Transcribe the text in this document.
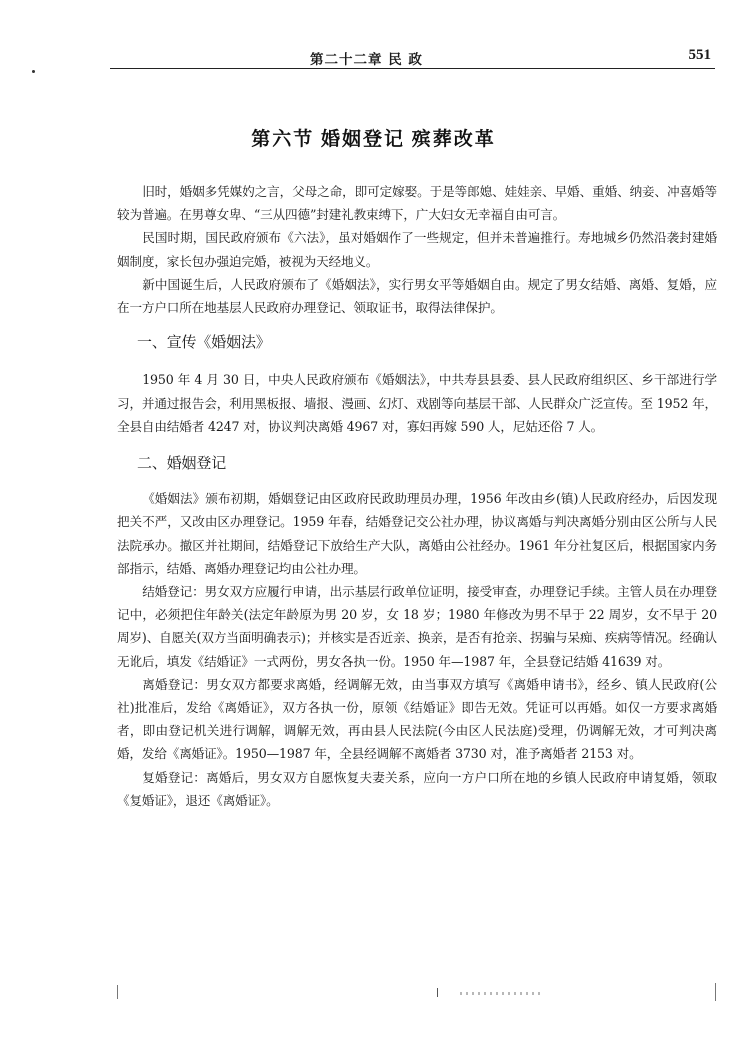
第二十二章 民 政	551
第六节 婚姻登记 殡葬改革

旧时，婚姻多凭媒妁之言，父母之命，即可定嫁娶。于是等郎媳、娃娃亲、早婚、重婚、纳妾、冲喜婚等较为普遍。在男尊女卑、“三从四德”封建礼教束缚下，广大妇女无幸福自由可言。

民国时期，国民政府颁布《六法》，虽对婚姻作了一些规定，但并未普遍推行。寿地城乡仍然沿袭封建婚姻制度，家长包办强迫完婚，被视为天经地义。

新中国诞生后，人民政府颁布了《婚姻法》，实行男女平等婚姻自由。规定了男女结婚、离婚、复婚，应在一方户口所在地基层人民政府办理登记、领取证书，取得法律保护。

一、宣传《婚姻法》

1950 年 4 月 30 日，中央人民政府颁布《婚姻法》，中共寿县县委、县人民政府组织区、乡干部进行学习，并通过报告会，利用黑板报、墙报、漫画、幻灯、戏剧等向基层干部、人民群众广泛宣传。至 1952 年，全县自由结婚者 4247 对，协议判决离婚 4967 对，寡妇再嫁 590 人，尼姑还俗 7 人。

二、婚姻登记

《婚姻法》颁布初期，婚姻登记由区政府民政助理员办理，1956 年改由乡(镇)人民政府经办，后因发现把关不严，又改由区办理登记。1959 年春，结婚登记交公社办理，协议离婚与判决离婚分别由区公所与人民法院承办。撤区并社期间，结婚登记下放给生产大队，离婚由公社经办。1961 年分社复区后，根据国家内务部指示，结婚、离婚办理登记均由公社办理。

结婚登记：男女双方应履行申请，出示基层行政单位证明，接受审查，办理登记手续。主管人员在办理登记中，必须把住年龄关(法定年龄原为男 20 岁，女 18 岁；1980 年修改为男不早于 22 周岁，女不早于 20 周岁)、自愿关(双方当面明确表示)；并核实是否近亲、换亲，是否有抢亲、拐骗与呆痴、疾病等情况。经确认无讹后，填发《结婚证》一式两份，男女各执一份。1950 年—1987 年，全县登记结婚 41639 对。

离婚登记：男女双方都要求离婚，经调解无效，由当事双方填写《离婚申请书》，经乡、镇人民政府(公社)批准后，发给《离婚证》，双方各执一份，原领《结婚证》即告无效。凭证可以再婚。如仅一方要求离婚者，即由登记机关进行调解，调解无效，再由县人民法院(今由区人民法庭)受理，仍调解无效，才可判决离婚，发给《离婚证》。1950—1987 年，全县经调解不离婚者 3730 对，准予离婚者 2153 对。

复婚登记：离婚后，男女双方自愿恢复夫妻关系，应向一方户口所在地的乡镇人民政府申请复婚，领取《复婚证》，退还《离婚证》。
